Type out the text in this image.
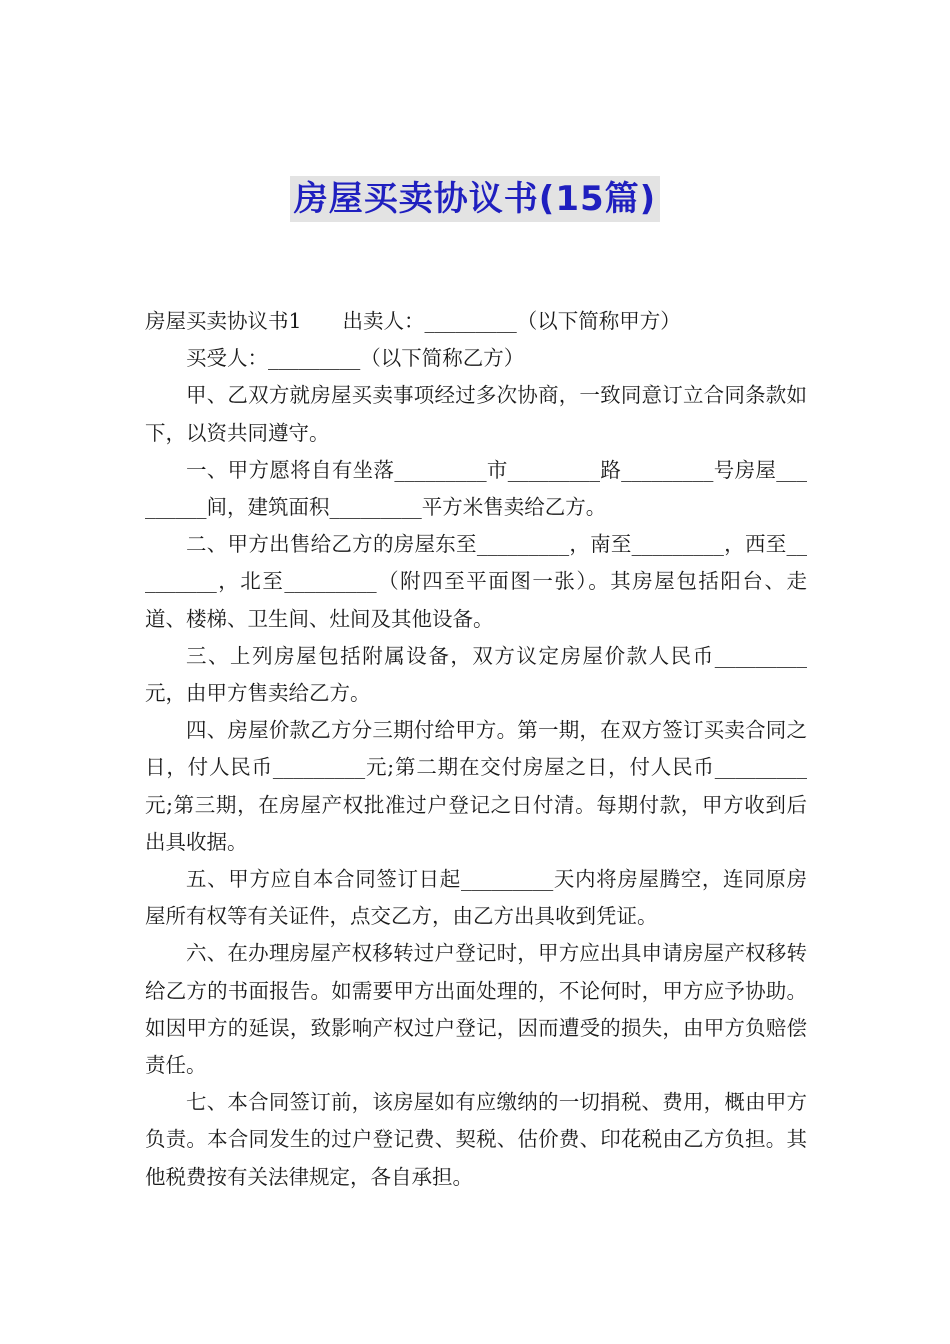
房屋买卖协议书(15篇)

房屋买卖协议书1　　出卖人：_________（以下简称甲方）

买受人：_________（以下简称乙方）

甲、乙双方就房屋买卖事项经过多次协商，一致同意订立合同条款如下，以资共同遵守。

一、甲方愿将自有坐落_________市_________路_________号房屋_________间，建筑面积_________平方米售卖给乙方。

二、甲方出售给乙方的房屋东至_________，南至_________，西至_________，北至_________（附四至平面图一张）。其房屋包括阳台、走道、楼梯、卫生间、灶间及其他设备。

三、上列房屋包括附属设备，双方议定房屋价款人民币_________元，由甲方售卖给乙方。

四、房屋价款乙方分三期付给甲方。第一期，在双方签订买卖合同之日，付人民币_________元;第二期在交付房屋之日，付人民币_________元;第三期，在房屋产权批准过户登记之日付清。每期付款，甲方收到后出具收据。

五、甲方应自本合同签订日起_________天内将房屋腾空，连同原房屋所有权等有关证件，点交乙方，由乙方出具收到凭证。

六、在办理房屋产权移转过户登记时，甲方应出具申请房屋产权移转给乙方的书面报告。如需要甲方出面处理的，不论何时，甲方应予协助。如因甲方的延误，致影响产权过户登记，因而遭受的损失，由甲方负赔偿责任。

七、本合同签订前，该房屋如有应缴纳的一切捐税、费用，概由甲方负责。本合同发生的过户登记费、契税、估价费、印花税由乙方负担。其他税费按有关法律规定，各自承担。
